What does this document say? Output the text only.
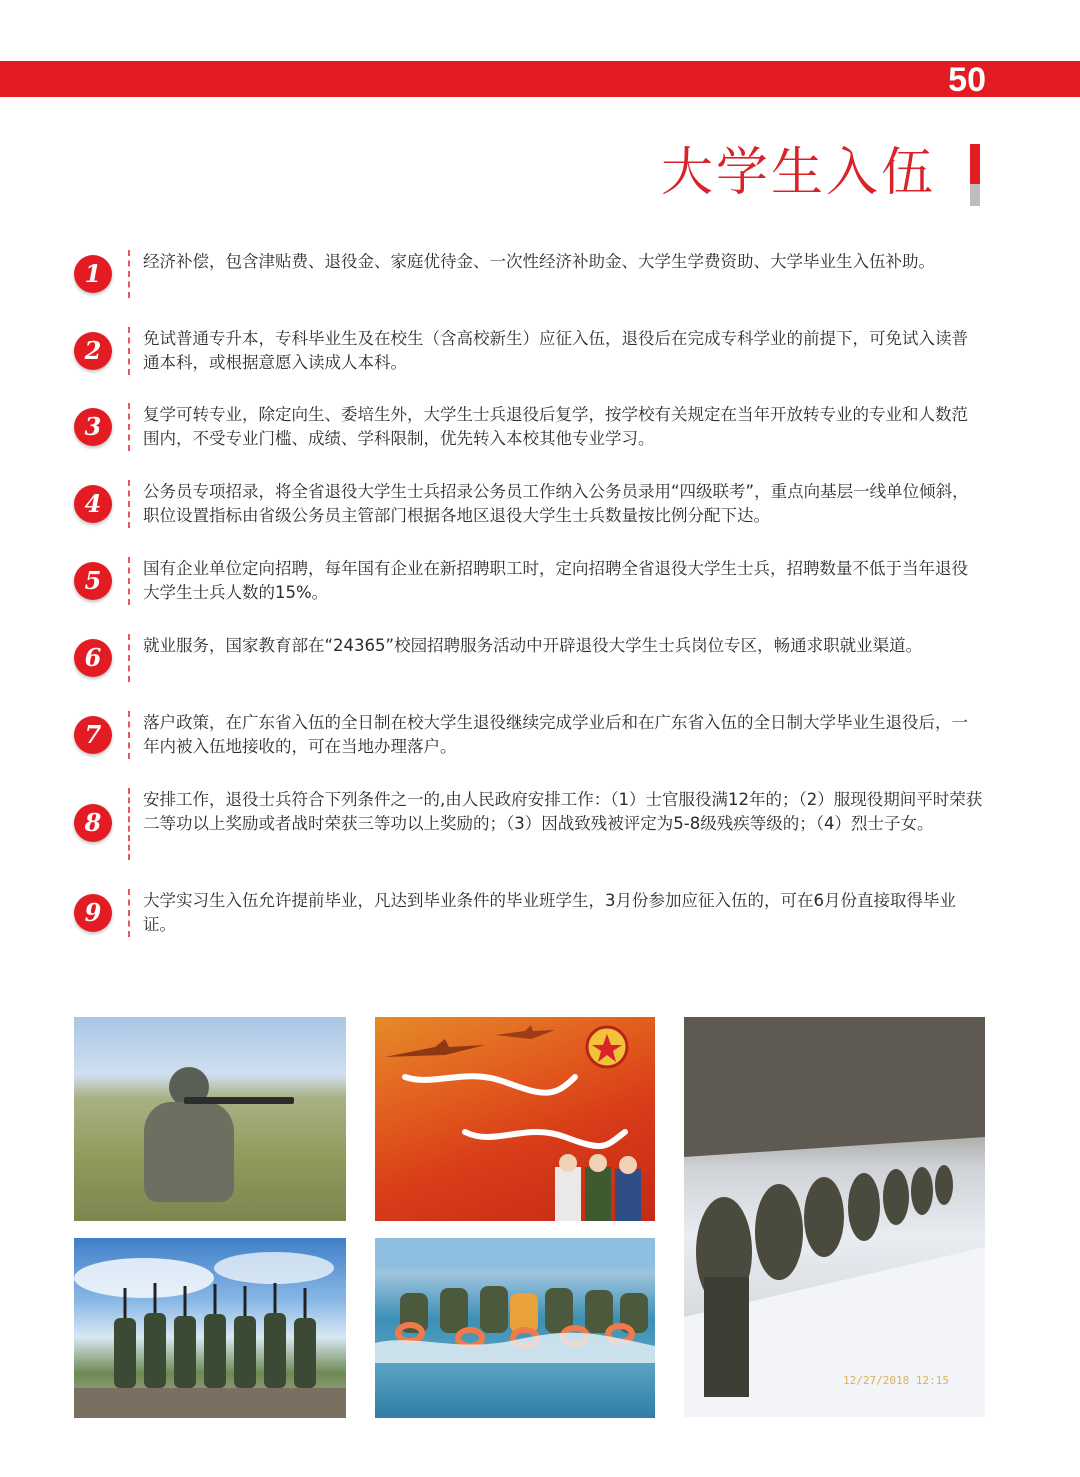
50
大学生入伍
1	经济补偿，包含津贴费、退役金、家庭优待金、一次性经济补助金、大学生学费资助、大学毕业生入伍补助。
2	免试普通专升本，专科毕业生及在校生（含高校新生）应征入伍，退役后在完成专科学业的前提下，可免试入读普通本科，或根据意愿入读成人本科。
3	复学可转专业，除定向生、委培生外，大学生士兵退役后复学，按学校有关规定在当年开放转专业的专业和人数范围内，不受专业门槛、成绩、学科限制，优先转入本校其他专业学习。
4	公务员专项招录，将全省退役大学生士兵招录公务员工作纳入公务员录用“四级联考”，重点向基层一线单位倾斜，职位设置指标由省级公务员主管部门根据各地区退役大学生士兵数量按比例分配下达。
5	国有企业单位定向招聘，每年国有企业在新招聘职工时，定向招聘全省退役大学生士兵，招聘数量不低于当年退役大学生士兵人数的15%。
6	就业服务，国家教育部在“24365”校园招聘服务活动中开辟退役大学生士兵岗位专区，畅通求职就业渠道。
7	落户政策，在广东省入伍的全日制在校大学生退役继续完成学业后和在广东省入伍的全日制大学毕业生退役后，一年内被入伍地接收的，可在当地办理落户。
8
安排工作，退役士兵符合下列条件之一的,由人民政府安排工作：（1）士官服役满12年的；（2）服现役期间平时荣获二等功以上奖励或者战时荣获三等功以上奖励的；（3）因战致残被评定为5-8级残疾等级的；（4）烈士子女。
9	大学实习生入伍允许提前毕业，凡达到毕业条件的毕业班学生，3月份参加应征入伍的，可在6月份直接取得毕业证。
12/27/2018 12:15
